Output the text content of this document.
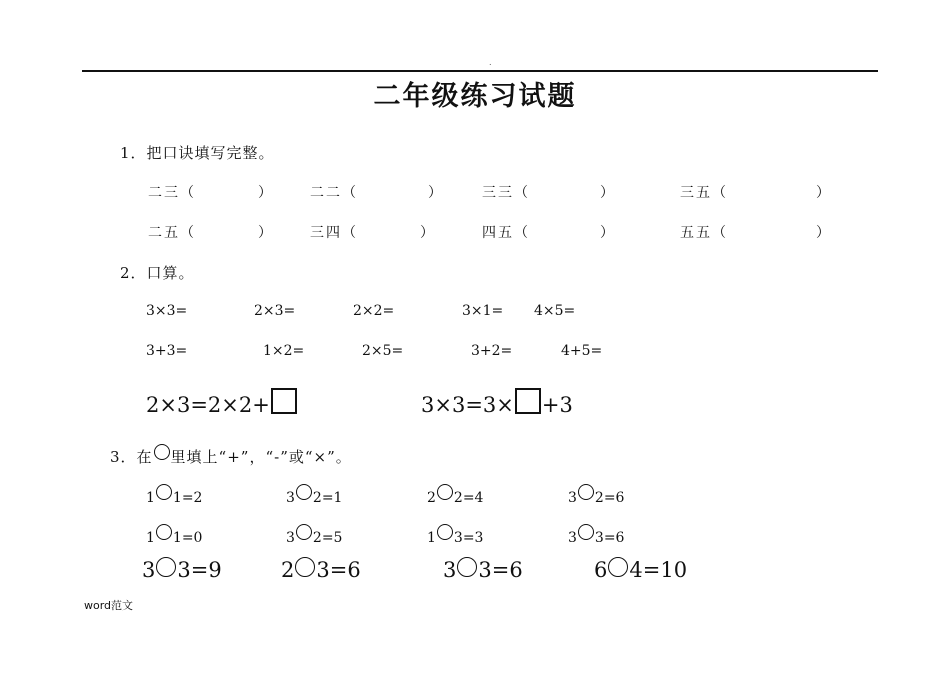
.
二年级练习试题
1．把口诀填写完整。
二三（	）	二二（	）	三三（	）	三五（	）
二五（	）	三四（	）	四五（	）	五五（	）
2．口算。
3×3=	2×3=	2×2=	3×1= 4×5=
3+3=	1×2=	2×5=	3+2=	4+5=
2×3=2×2+	3×3=3× +3
3．在 里填上“+”，“-”或“×”。
1 1=2	3 2=1	2 2=4	3 2=6
1 1=0	3 2=5	1 3=3	3 3=6
3 3=9	2 3=6	3 3=6	6 4=10
word范文
